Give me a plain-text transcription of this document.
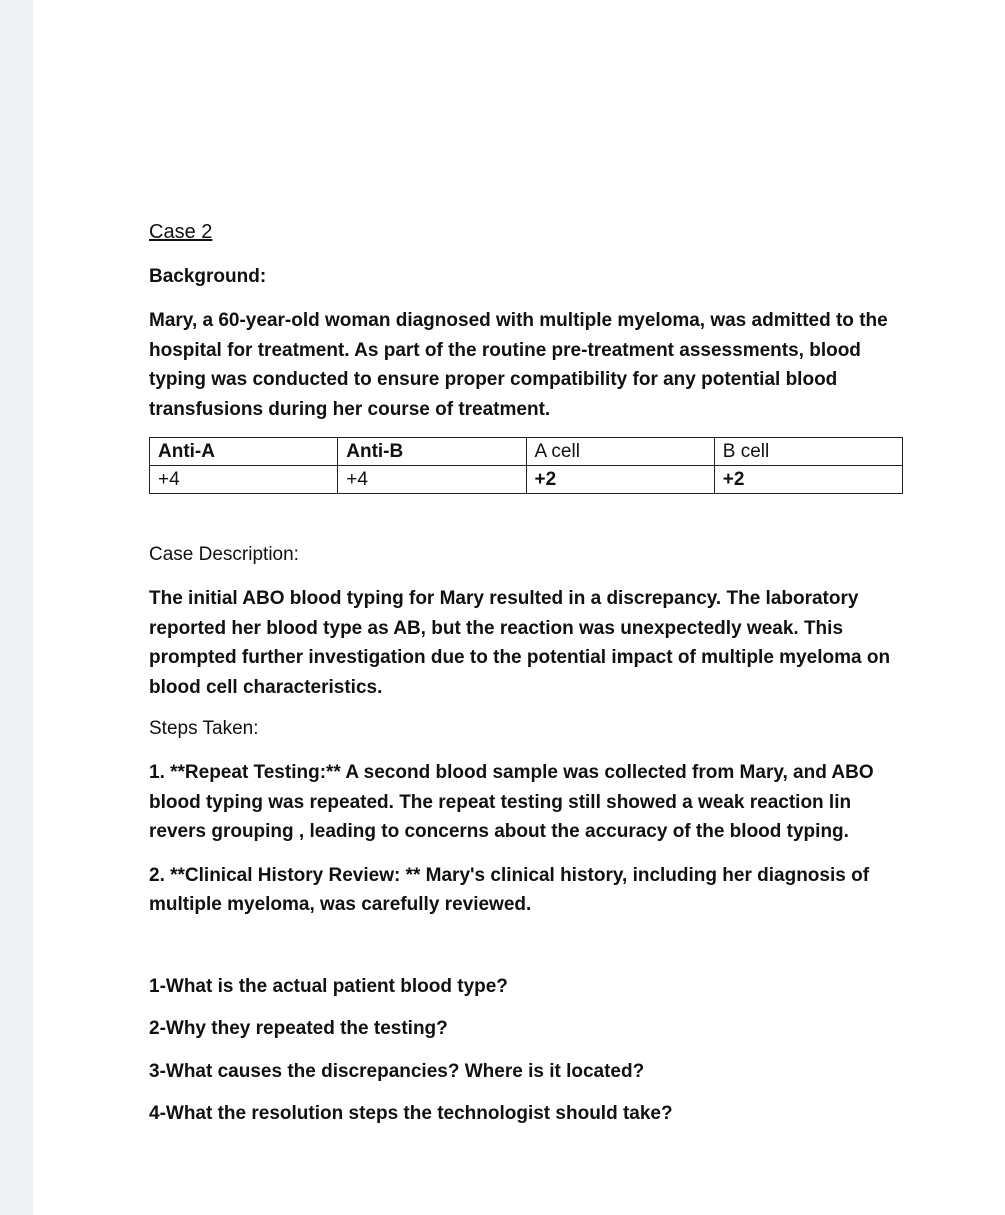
Case 2
Background:

Mary, a 60-year-old woman diagnosed with multiple myeloma, was admitted to the hospital for treatment. As part of the routine pre-treatment assessments, blood typing was conducted to ensure proper compatibility for any potential blood transfusions during her course of treatment.

Anti-A	Anti-B	A cell	B cell
+4	+4	+2	+2
Case Description:

The initial ABO blood typing for Mary resulted in a discrepancy. The laboratory reported her blood type as AB, but the reaction was unexpectedly weak. This prompted further investigation due to the potential impact of multiple myeloma on blood cell characteristics.

Steps Taken:

1. **Repeat Testing:** A second blood sample was collected from Mary, and ABO blood typing was repeated. The repeat testing still showed a weak reaction lin revers grouping , leading to concerns about the accuracy of the blood typing.

2. **Clinical History Review: ** Mary's clinical history, including her diagnosis of multiple myeloma, was carefully reviewed.

1-What is the actual patient blood type?
2-Why they repeated the testing?
3-What causes the discrepancies? Where is it located?
4-What the resolution steps the technologist should take?
